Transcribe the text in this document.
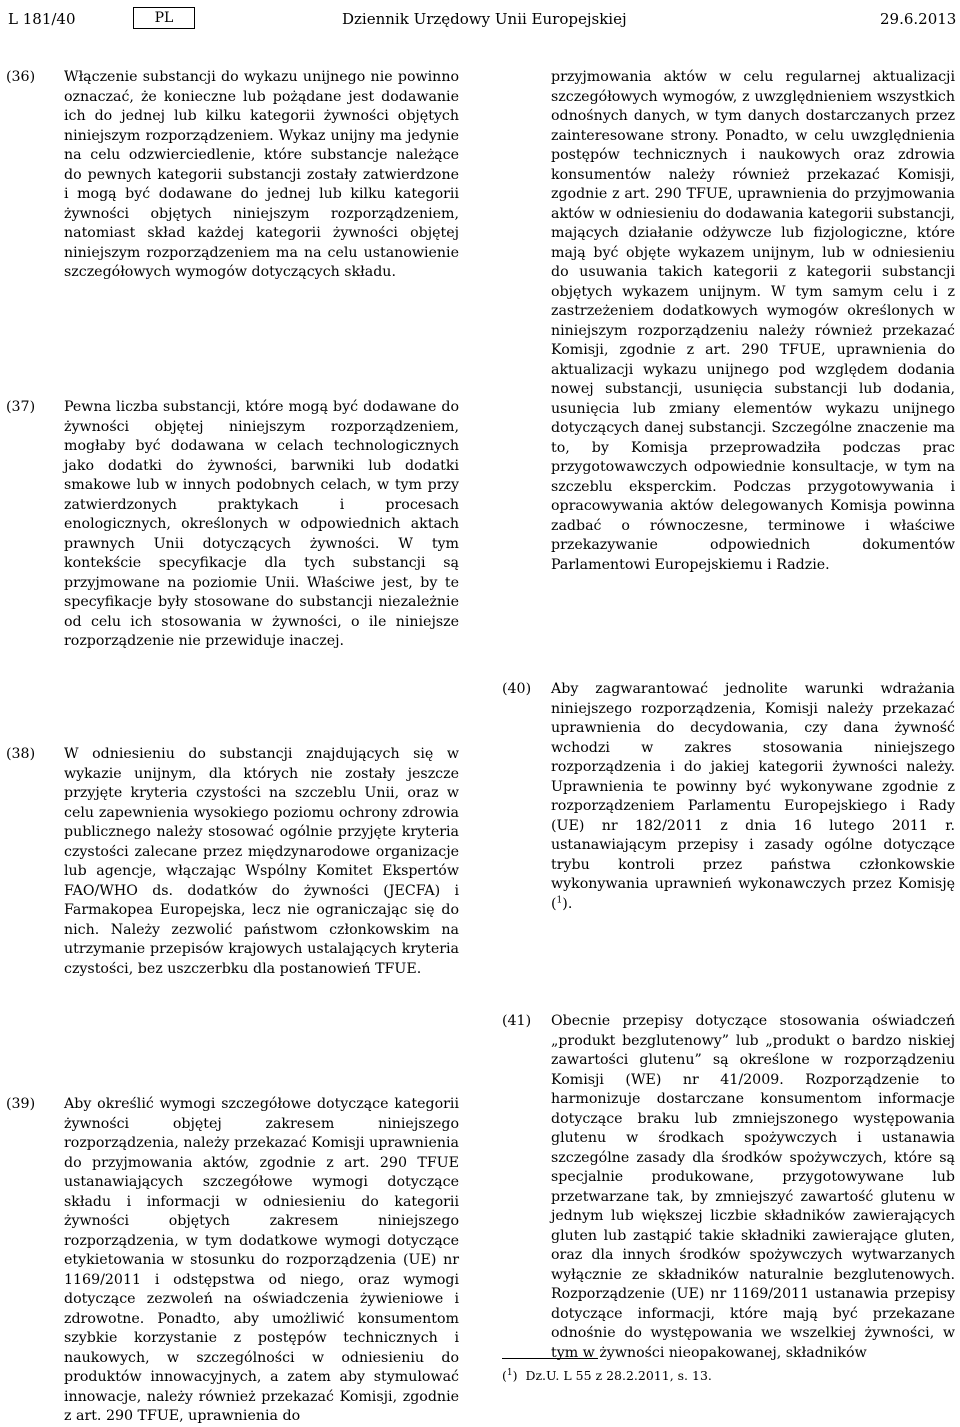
L 181/40	PL	Dziennik Urzędowy Unii Europejskiej	29.6.2013
(36) Włączenie substancji do wykazu unijnego nie powinno oznaczać, że konieczne lub pożądane jest dodawanie ich do jednej lub kilku kategorii żywności objętych niniejszym rozporządzeniem. Wykaz unijny ma jedynie na celu odzwierciedlenie, które substancje należące do pewnych kategorii substancji zostały zatwierdzone i mogą być dodawane do jednej lub kilku kategorii żywności objętych niniejszym rozporządzeniem, natomiast skład każdej kategorii żywności objętej niniejszym rozporządzeniem ma na celu ustanowienie szczegółowych wymogów dotyczących składu.
(37) Pewna liczba substancji, które mogą być dodawane do żywności objętej niniejszym rozporządzeniem, mogłaby być dodawana w celach technologicznych jako dodatki do żywności, barwniki lub dodatki smakowe lub w innych podobnych celach, w tym przy zatwierdzonych praktykach i procesach enologicznych, określonych w odpowiednich aktach prawnych Unii dotyczących żywności. W tym kontekście specyfikacje dla tych substancji są przyjmowane na poziomie Unii. Właściwe jest, by te specyfikacje były stosowane do substancji niezależnie od celu ich stosowania w żywności, o ile niniejsze rozporządzenie nie przewiduje inaczej.
(38) W odniesieniu do substancji znajdujących się w wykazie unijnym, dla których nie zostały jeszcze przyjęte kryteria czystości na szczeblu Unii, oraz w celu zapewnienia wysokiego poziomu ochrony zdrowia publicznego należy stosować ogólnie przyjęte kryteria czystości zalecane przez międzynarodowe organizacje lub agencje, włączając Wspólny Komitet Ekspertów FAO/WHO ds. dodatków do żywności (JECFA) i Farmakopea Europejska, lecz nie ograniczając się do nich. Należy zezwolić państwom członkowskim na utrzymanie przepisów krajowych ustalających kryteria czystości, bez uszczerbku dla postanowień TFUE.
(39) Aby określić wymogi szczegółowe dotyczące kategorii żywności objętej zakresem niniejszego rozporządzenia, należy przekazać Komisji uprawnienia do przyjmowania aktów, zgodnie z art. 290 TFUE ustanawiających szczegółowe wymogi dotyczące składu i informacji w odniesieniu do kategorii żywności objętych zakresem niniejszego rozporządzenia, w tym dodatkowe wymogi dotyczące etykietowania w stosunku do rozporządzenia (UE) nr 1169/2011 i odstępstwa od niego, oraz wymogi dotyczące zezwoleń na oświadczenia żywieniowe i zdrowotne. Ponadto, aby umożliwić konsumentom szybkie korzystanie z postępów technicznych i naukowych, w szczególności w odniesieniu do produktów innowacyjnych, a zatem aby stymulować innowacje, należy również przekazać Komisji, zgodnie z art. 290 TFUE, uprawnienia do
przyjmowania aktów w celu regularnej aktualizacji szczegółowych wymogów, z uwzględnieniem wszystkich odnośnych danych, w tym danych dostarczanych przez zainteresowane strony. Ponadto, w celu uwzględnienia postępów technicznych i naukowych oraz zdrowia konsumentów należy również przekazać Komisji, zgodnie z art. 290 TFUE, uprawnienia do przyjmowania aktów w odniesieniu do dodawania kategorii substancji, mających działanie odżywcze lub fizjologiczne, które mają być objęte wykazem unijnym, lub w odniesieniu do usuwania takich kategorii z kategorii substancji objętych wykazem unijnym. W tym samym celu i z zastrzeżeniem dodatkowych wymogów określonych w niniejszym rozporządzeniu należy również przekazać Komisji, zgodnie z art. 290 TFUE, uprawnienia do aktualizacji wykazu unijnego pod względem dodania nowej substancji, usunięcia substancji lub dodania, usunięcia lub zmiany elementów wykazu unijnego dotyczących danej substancji. Szczególne znaczenie ma to, by Komisja przeprowadziła podczas prac przygotowawczych odpowiednie konsultacje, w tym na szczeblu eksperckim. Podczas przygotowywania i opracowywania aktów delegowanych Komisja powinna zadbać o równoczesne, terminowe i właściwe przekazywanie odpowiednich dokumentów Parlamentowi Europejskiemu i Radzie.
(40) Aby zagwarantować jednolite warunki wdrażania niniejszego rozporządzenia, Komisji należy przekazać uprawnienia do decydowania, czy dana żywność wchodzi w zakres stosowania niniejszego rozporządzenia i do jakiej kategorii żywności należy. Uprawnienia te powinny być wykonywane zgodnie z rozporządzeniem Parlamentu Europejskiego i Rady (UE) nr 182/2011 z dnia 16 lutego 2011 r. ustanawiającym przepisy i zasady ogólne dotyczące trybu kontroli przez państwa członkowskie wykonywania uprawnień wykonawczych przez Komisję ($^1$).
(41) Obecnie przepisy dotyczące stosowania oświadczeń „produkt bezglutenowy” lub „produkt o bardzo niskiej zawartości glutenu” są określone w rozporządzeniu Komisji (WE) nr 41/2009. Rozporządzenie to harmonizuje dostarczane konsumentom informacje dotyczące braku lub zmniejszonego występowania glutenu w środkach spożywczych i ustanawia szczególne zasady dla środków spożywczych, które są specjalnie produkowane, przygotowywane lub przetwarzane tak, by zmniejszyć zawartość glutenu w jednym lub większej liczbie składników zawierających gluten lub zastąpić takie składniki zawierające gluten, oraz dla innych środków spożywczych wytwarzanych wyłącznie ze składników naturalnie bezglutenowych. Rozporządzenie (UE) nr 1169/2011 ustanawia przepisy dotyczące informacji, które mają być przekazane odnośnie do występowania we wszelkiej żywności, w tym w żywności nieopakowanej, składników
($^1$)  Dz.U. L 55 z 28.2.2011, s. 13.
